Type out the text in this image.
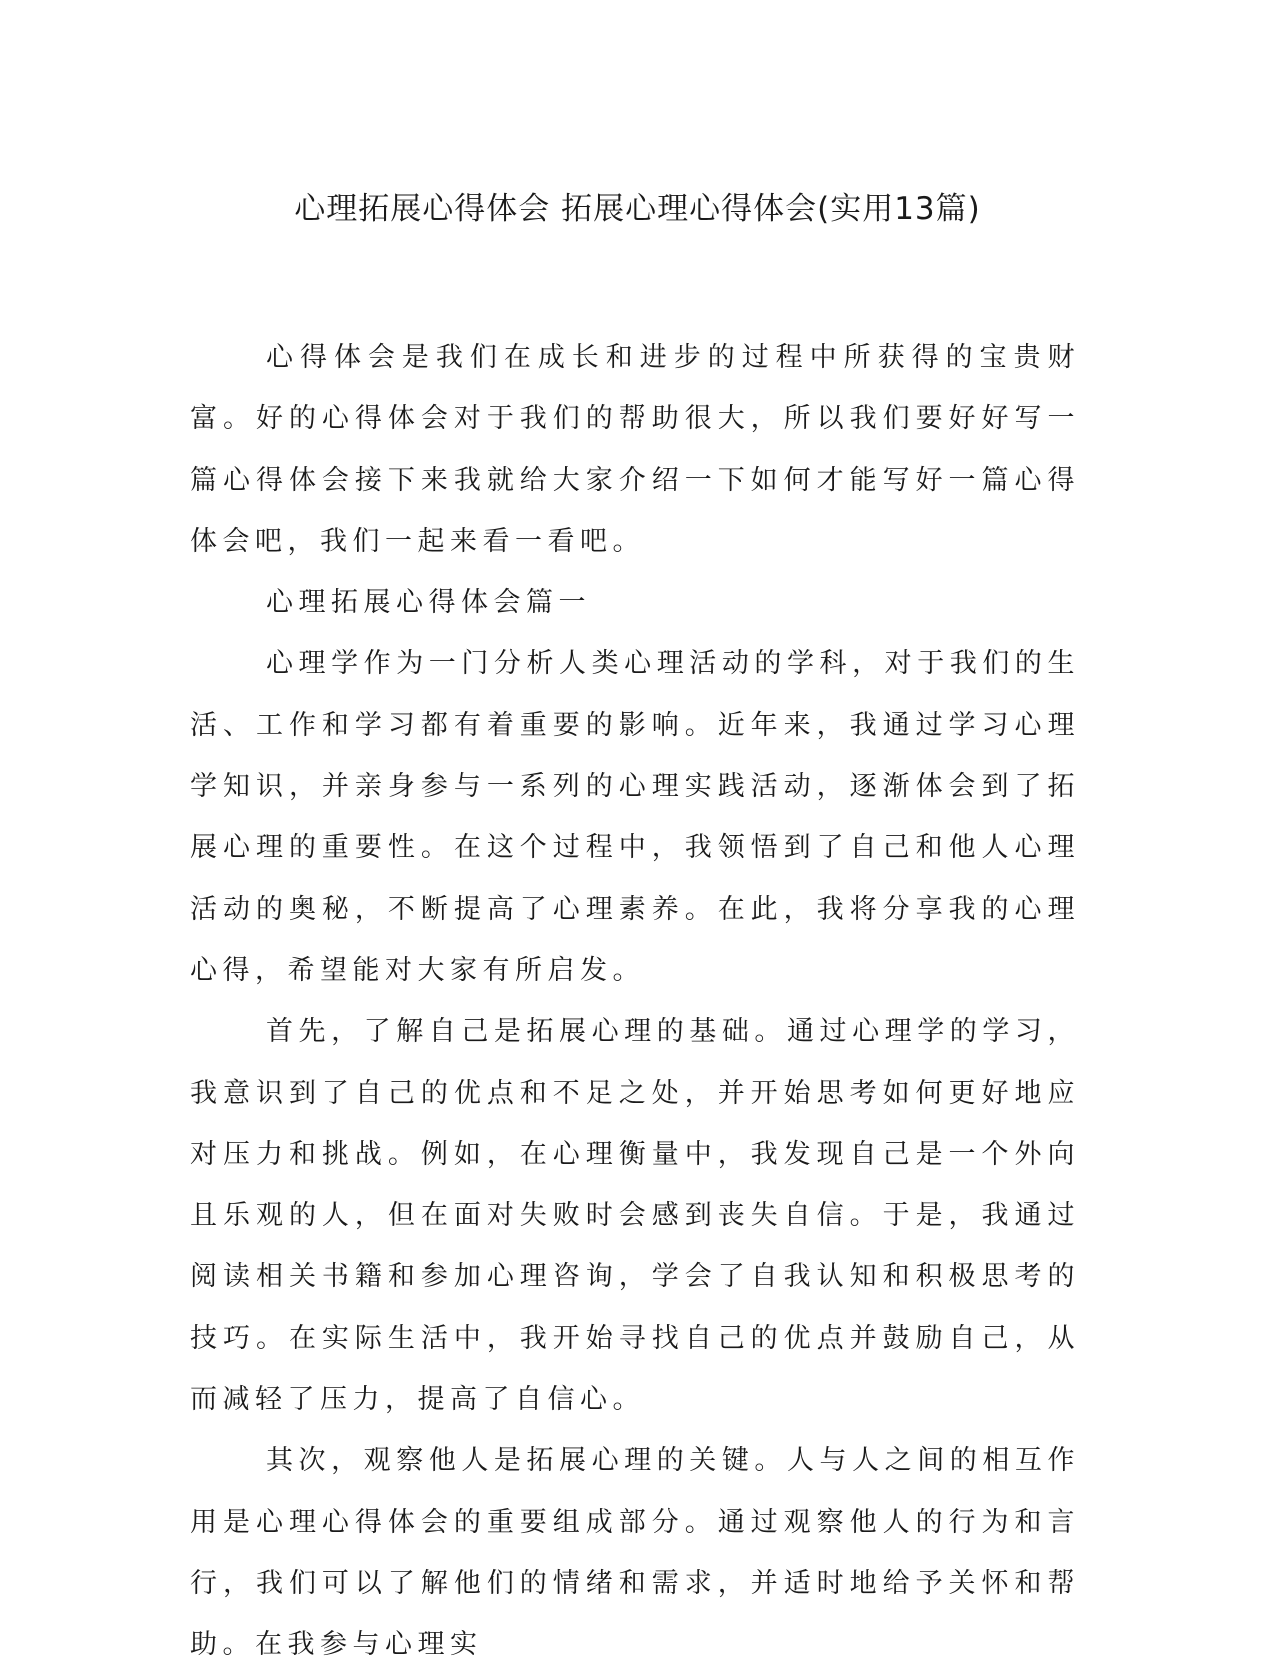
心理拓展心得体会 拓展心理心得体会(实用13篇)

心得体会是我们在成长和进步的过程中所获得的宝贵财富。好的心得体会对于我们的帮助很大，所以我们要好好写一篇心得体会接下来我就给大家介绍一下如何才能写好一篇心得体会吧，我们一起来看一看吧。

心理拓展心得体会篇一

心理学作为一门分析人类心理活动的学科，对于我们的生活、工作和学习都有着重要的影响。近年来，我通过学习心理学知识，并亲身参与一系列的心理实践活动，逐渐体会到了拓展心理的重要性。在这个过程中，我领悟到了自己和他人心理活动的奥秘，不断提高了心理素养。在此，我将分享我的心理心得，希望能对大家有所启发。

首先，了解自己是拓展心理的基础。通过心理学的学习，我意识到了自己的优点和不足之处，并开始思考如何更好地应对压力和挑战。例如，在心理衡量中，我发现自己是一个外向且乐观的人，但在面对失败时会感到丧失自信。于是，我通过阅读相关书籍和参加心理咨询，学会了自我认知和积极思考的技巧。在实际生活中，我开始寻找自己的优点并鼓励自己，从而减轻了压力，提高了自信心。

其次，观察他人是拓展心理的关键。人与人之间的相互作用是心理心得体会的重要组成部分。通过观察他人的行为和言行，我们可以了解他们的情绪和需求，并适时地给予关怀和帮助。在我参与心理实
